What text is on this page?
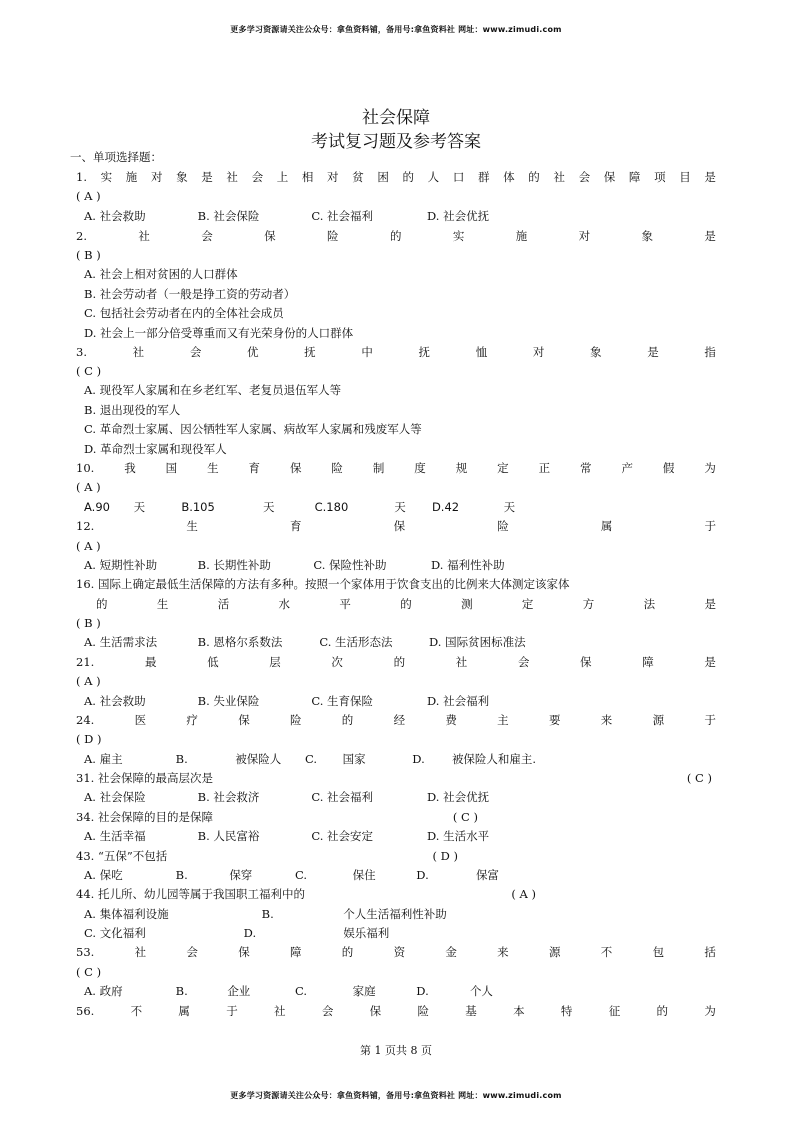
更多学习资源请关注公众号：拿鱼资料铺，备用号:拿鱼资料社 网址：www.zimudi.com
社会保障
考试复习题及参考答案
一、单项选择题：
1. 实 施 对 象 是 社 会 上 相 对 贫 困 的 人 口 群 体 的 社 会 保 障 项 目 是
( A )
A. 社会救助	B. 社会保险	C. 社会福利	D. 社会优抚
2.	社	会	保	险	的	实	施	对	象	是
( B )
A. 社会上相对贫困的人口群体
B. 社会劳动者（一般是挣工资的劳动者）
C. 包括社会劳动者在内的全体社会成员
D. 社会上一部分倍受尊重而又有光荣身份的人口群体
3.	社	会	优	抚	中	抚	恤	对	象	是	指
( C )
A. 现役军人家属和在乡老红军、老复员退伍军人等
B. 退出现役的军人
C. 革命烈士家属、因公牺牲军人家属、病故军人家属和残废军人等
D. 革命烈士家属和现役军人
10.	我	国	生	育	保	险	制	度	规	定	正	常	产	假	为
( A )
A.90 天	B.105	天	C.180	天 D.42	天
12.	生	育	保	险	属	于
( A )
A. 短期性补助	B. 长期性补助	C. 保险性补助	D. 福利性补助
16. 国际上确定最低生活保障的方法有多种。按照一个家体用于饮食支出的比例来大体测定该家体
的	生	活	水	平	的	测	定	方	法	是
( B )
A. 生活需求法	B. 恩格尔系数法	C. 生活形态法	D. 国际贫困标准法
21.	最	低	层	次	的	社	会	保	障	是
( A )
A. 社会救助	B. 失业保险	C. 生育保险	D. 社会福利
24.	医	疗	保	险	的	经	费	主	要	来	源	于
( D )
A. 雇主	B.	被保险人 C. 国家	D. 被保险人和雇主.
31. 社会保障的最高层次是	( C )
A. 社会保险	B. 社会救济	C. 社会福利	D. 社会优抚
34. 社会保障的目的是保障	( C )
A. 生活幸福	B. 人民富裕	C. 社会安定	D. 生活水平
43. “五保”不包括	( D )
A. 保吃	B.	保穿	C.	保住	D.	保富
44. 托儿所、幼儿园等属于我国职工福利中的	( A )
A. 集体福利设施	B.	个人生活福利性补助
C. 文化福利	D.	娱乐福利
53.	社	会	保	障	的	资	金	来	源	不	包	括
( C )
A. 政府	B.	企业	C.	家庭	D.	个人
56.	不	属	于	社	会	保	险	基	本	特	征	的	为
第 1 页共 8 页
更多学习资源请关注公众号：拿鱼资料铺，备用号:拿鱼资料社 网址：www.zimudi.com
